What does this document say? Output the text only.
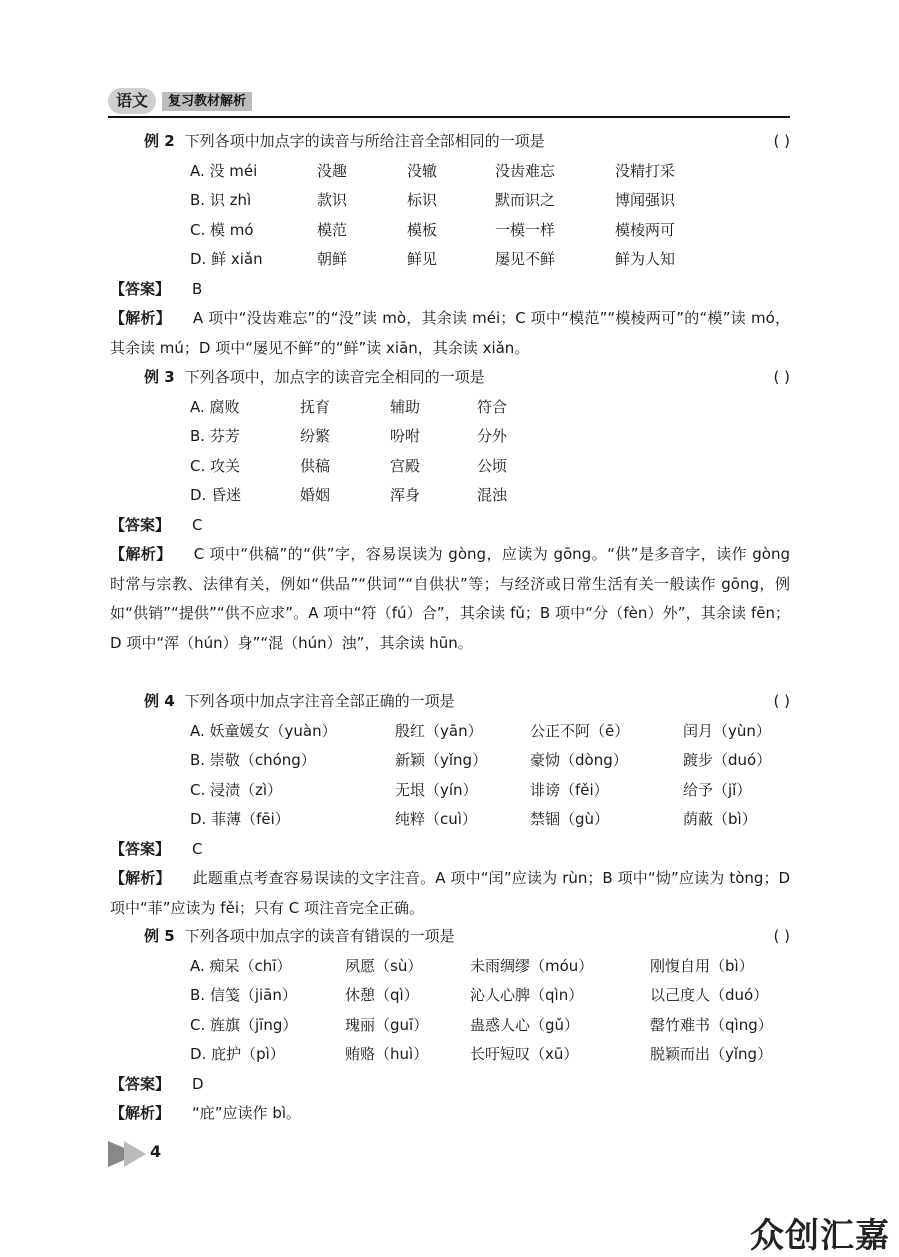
语文	复习教材解析
例 2 下列各项中加点字的读音与所给注音全部相同的一项是	( )
A. 没 méi	没趣	没辙	没齿难忘	没精打采
B. 识 zhì	款识	标识	默而识之	博闻强识
C. 模 mó	模范	模板	一模一样	模棱两可
D. 鲜 xiǎn	朝鲜	鲜见	屡见不鲜	鲜为人知
【答案】 B
【解析】 A 项中“没齿难忘”的“没”读 mò，其余读 méi；C 项中“模范”“模棱两可”的“模”读 mó，其余读 mú；D 项中“屡见不鲜”的“鲜”读 xiān，其余读 xiǎn。
例 3 下列各项中，加点字的读音完全相同的一项是	( )
A. 腐败	抚育	辅助	符合
B. 芬芳	纷繁	吩咐	分外
C. 攻关	供稿	宫殿	公顷
D. 昏迷	婚姻	浑身	混浊
【答案】 C
【解析】 C 项中“供稿”的“供”字，容易误读为 gòng，应读为 gōng。“供”是多音字，读作 gòng 时常与宗教、法律有关，例如“供品”“供词”“自供状”等；与经济或日常生活有关一般读作 gōng，例如“供销”“提供”“供不应求”。A 项中“符（fú）合”，其余读 fǔ；B 项中“分（fèn）外”，其余读 fēn；D 项中“浑（hún）身”“混（hún）浊”，其余读 hūn。
例 4 下列各项中加点字注音全部正确的一项是	( )
A. 妖童媛女（yuàn）	殷红（yān）	公正不阿（ē）	闰月（yùn）
B. 崇敬（chóng）	新颖（yǐng）	豪恸（dòng）	踱步（duó）
C. 浸渍（zì）	无垠（yín）	诽谤（fěi）	给予（jǐ）
D. 菲薄（fēi）	纯粹（cuì）	禁锢（gù）	荫蔽（bì）
【答案】 C
【解析】 此题重点考查容易误读的文字注音。A 项中“闰”应读为 rùn；B 项中“恸”应读为 tòng；D 项中“菲”应读为 fěi；只有 C 项注音完全正确。
例 5 下列各项中加点字的读音有错误的一项是	( )
A. 痴呆（chī）	夙愿（sù）	未雨绸缪（móu）	刚愎自用（bì）
B. 信笺（jiān）	休憩（qì）	沁人心脾（qìn）	以己度人（duó）
C. 旌旗（jīng）	瑰丽（guī）	蛊惑人心（gǔ）	罄竹难书（qìng）
D. 庇护（pì）	贿赂（huì）	长吁短叹（xū）	脱颖而出（yǐng）
【答案】 D
【解析】 “庇”应读作 bì。
4
众创汇嘉
